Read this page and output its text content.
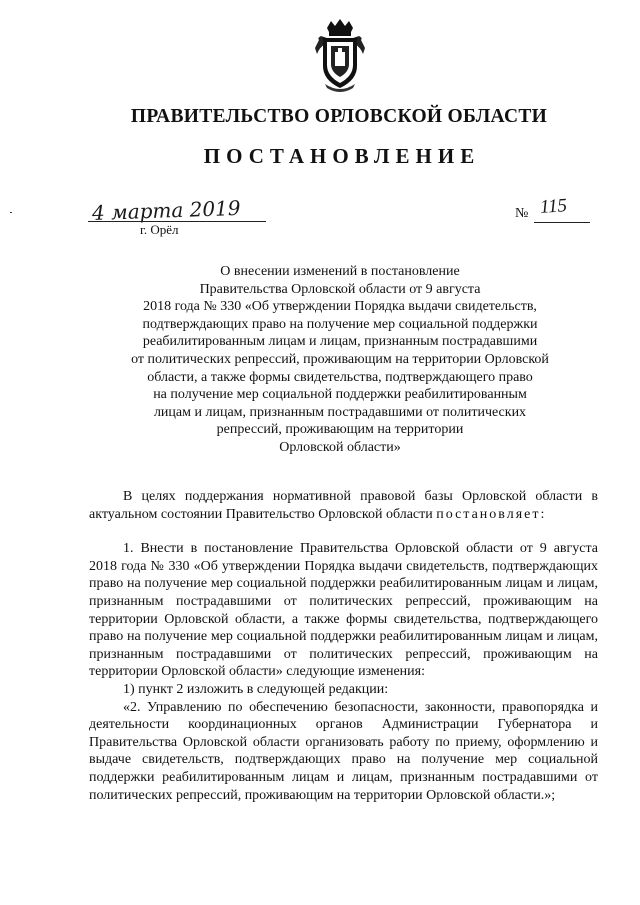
ПРАВИТЕЛЬСТВО ОРЛОВСКОЙ ОБЛАСТИ
ПОСТАНОВЛЕНИЕ
4 марта 2019
г. Орёл
№ 115
О внесении изменений в постановление
Правительства Орловской области от 9 августа
2018 года № 330 «Об утверждении Порядка выдачи свидетельств,
подтверждающих право на получение мер социальной поддержки
реабилитированным лицам и лицам, признанным пострадавшими
от политических репрессий, проживающим на территории Орловской
области, а также формы свидетельства, подтверждающего право
на получение мер социальной поддержки реабилитированным
лицам и лицам, признанным пострадавшими от политических
репрессий, проживающим на территории
Орловской области»

В целях поддержания нормативной правовой базы Орловской области в актуальном состоянии Правительство Орловской области постановляет:

1. Внести в постановление Правительства Орловской области от 9 августа 2018 года № 330 «Об утверждении Порядка выдачи свидетельств, подтверждающих право на получение мер социальной поддержки реабилитированным лицам и лицам, признанным пострадавшими от политических репрессий, проживающим на территории Орловской области, а также формы свидетельства, подтверждающего право на получение мер социальной поддержки реабилитированным лицам и лицам, признанным пострадавшими от политических репрессий, проживающим на территории Орловской области» следующие изменения:

1) пункт 2 изложить в следующей редакции:

«2. Управлению по обеспечению безопасности, законности, правопорядка и деятельности координационных органов Администрации Губернатора и Правительства Орловской области организовать работу по приему, оформлению и выдаче свидетельств, подтверждающих право на получение мер социальной поддержки реабилитированным лицам и лицам, признанным пострадавшими от политических репрессий, проживающим на территории Орловской области.»;
